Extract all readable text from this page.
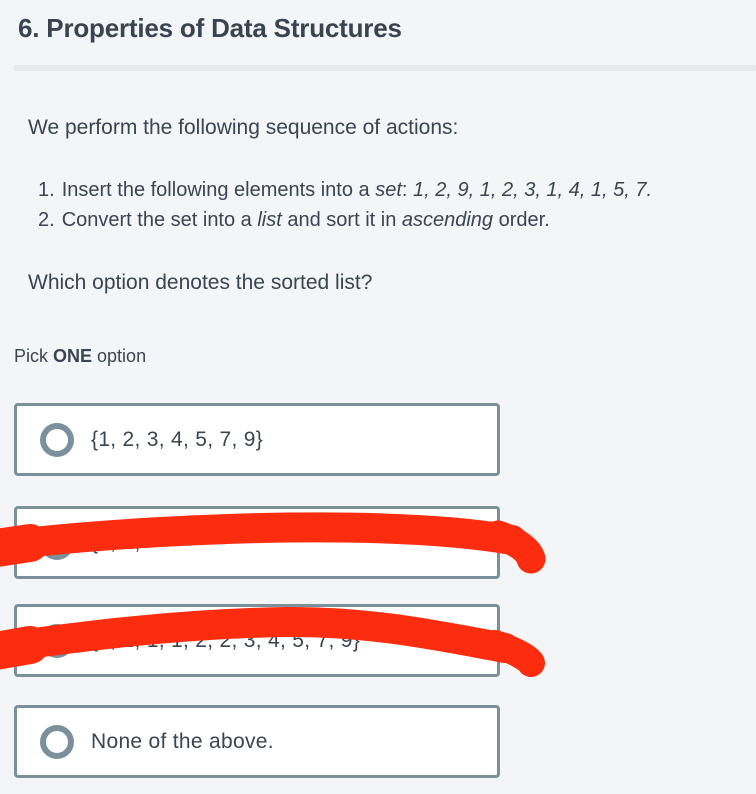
6. Properties of Data Structures

We perform the following sequence of actions:

1. Insert the following elements into a set: 1, 2, 9, 1, 2, 3, 1, 4, 1, 5, 7.
2. Convert the set into a list and sort it in ascending order.

Which option denotes the sorted list?

Pick ONE option

{1, 2, 3, 4, 5, 7, 9}
{1, 2,
{1, 1, 1, 1, 2, 2, 3, 4, 5, 7, 9}
None of the above.
